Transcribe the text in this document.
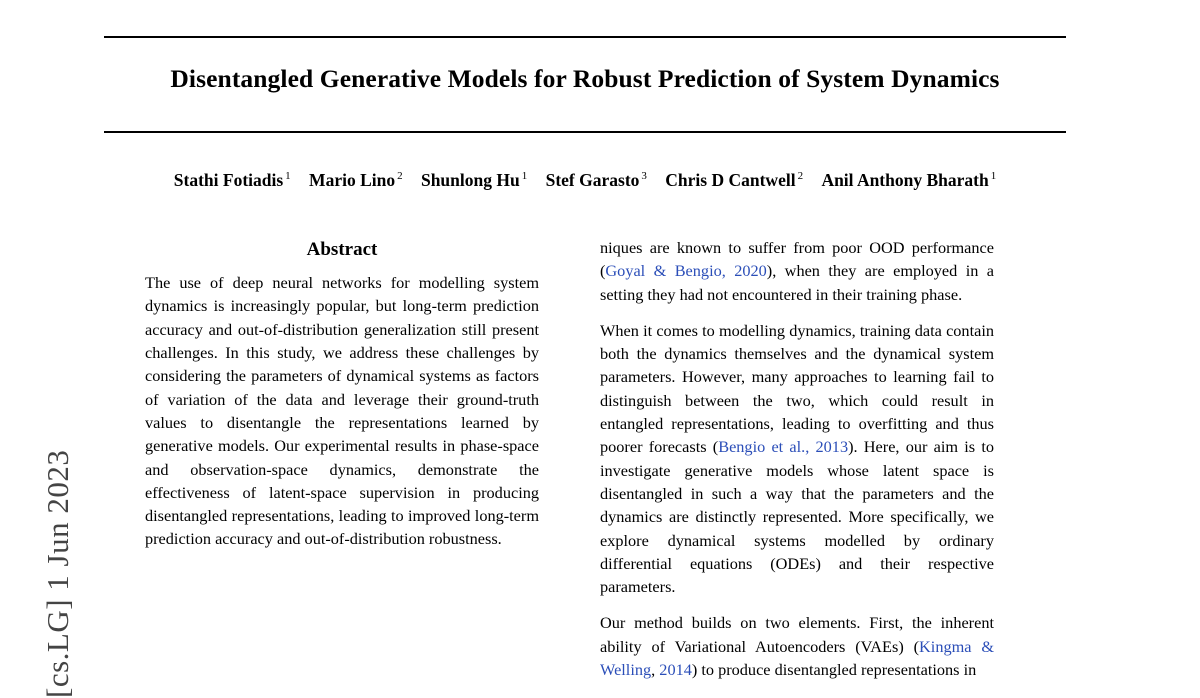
[cs.LG] 1 Jun 2023
Disentangled Generative Models for Robust Prediction of System Dynamics
Stathi Fotiadis $^1$ Mario Lino $^2$ Shunlong Hu $^1$ Stef Garasto $^3$ Chris D Cantwell $^2$ Anil Anthony Bharath $^1$
Abstract

The use of deep neural networks for modelling system dynamics is increasingly popular, but long-term prediction accuracy and out-of-distribution generalization still present challenges. In this study, we address these challenges by considering the parameters of dynamical systems as factors of variation of the data and leverage their ground-truth values to disentangle the representations learned by generative models. Our experimental results in phase-space and observation-space dynamics, demonstrate the effectiveness of latent-space supervision in producing disentangled representations, leading to improved long-term prediction accuracy and out-of-distribution robustness.

niques are known to suffer from poor OOD performance (Goyal & Bengio, 2020), when they are employed in a setting they had not encountered in their training phase.

When it comes to modelling dynamics, training data contain both the dynamics themselves and the dynamical system parameters. However, many approaches to learning fail to distinguish between the two, which could result in entangled representations, leading to overfitting and thus poorer forecasts (Bengio et al., 2013). Here, our aim is to investigate generative models whose latent space is disentangled in such a way that the parameters and the dynamics are distinctly represented. More specifically, we explore dynamical systems modelled by ordinary differential equations (ODEs) and their respective parameters.

Our method builds on two elements. First, the inherent ability of Variational Autoencoders (VAEs) (Kingma & Welling, 2014) to produce disentangled representations in
